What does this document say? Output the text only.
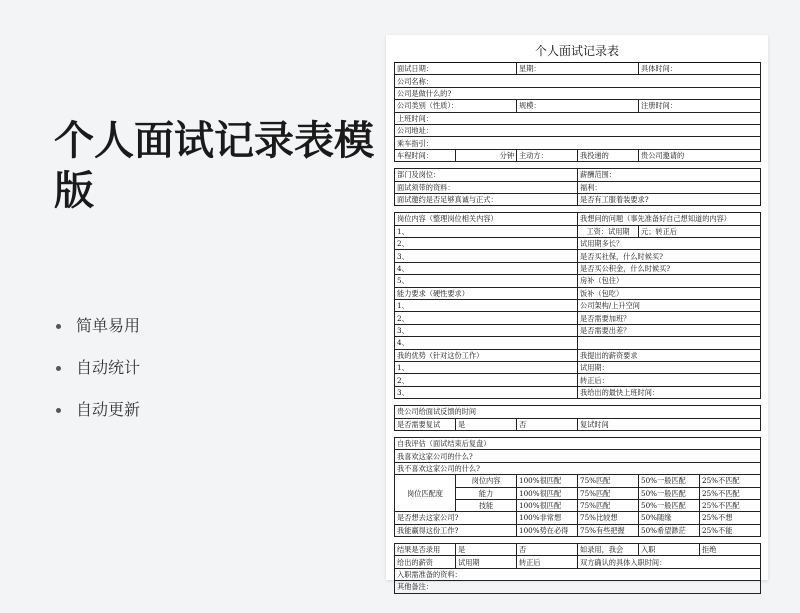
个人面试记录表模版
简单易用
自动统计
自动更新
个人面试记录表
面试日期：		星期：		具体时间：	
公司名称：					
公司是做什么的?					
公司类别（性质）：		规模：		注册时间：	
上班时间：					
公司地址：					
乘车指引：					
车程时间：	分钟	主动方：	我投递的	贵公司邀请的	

部门及岗位：			薪酬范围：		
面试须带的资料：			福利：		
面试邀约是否足够真诚与正式：			是否有工服着装要求?		

岗位内容（整理岗位相关内容）			我想问的问题（事先准备好自己想知道的内容）		
1、			工资：试用期	元；转正后	
2、			试用期多长？		
3、			是否买社保，什么时候买?		
4、			是否买公积金，什么时候买?		
5、			房补（包住）		
能力要求（硬性要求）			饭补（包吃）		
1、			公司架构/上升空间		
2、			是否需要加班？		
3、			是否需要出差？		
4、					
我的优势（针对这份工作）			我提出的薪资要求		
1、			试用期：		
2、			转正后：		
3、			我给出的最快上班时间：		

贵公司给面试反馈的时间					
是否需要复试	是	否	复试时间		

自我评估（面试结束后复盘）					
我喜欢这家公司的什么?					
我不喜欢这家公司的什么?					
岗位匹配度	岗位内容	100%很匹配	75%匹配	50%一般匹配	25%不匹配
	能力	100%很匹配	75%匹配	50%一般匹配	25%不匹配
	技能	100%很匹配	75%匹配	50%一般匹配	25%不匹配
是否想去这家公司?		100%非常想	75%比较想	50%随缘	25%不想
我能赢得这份工作?		100%势在必得	75%有些把握	50%希望渺茫	25%不能

结果是否录用	是	否	如录用，我会	入职	拒绝
给出的薪资	试用期	转正后	双方确认的具体入职时间：		
入职需准备的资料：					
其他备注：					
